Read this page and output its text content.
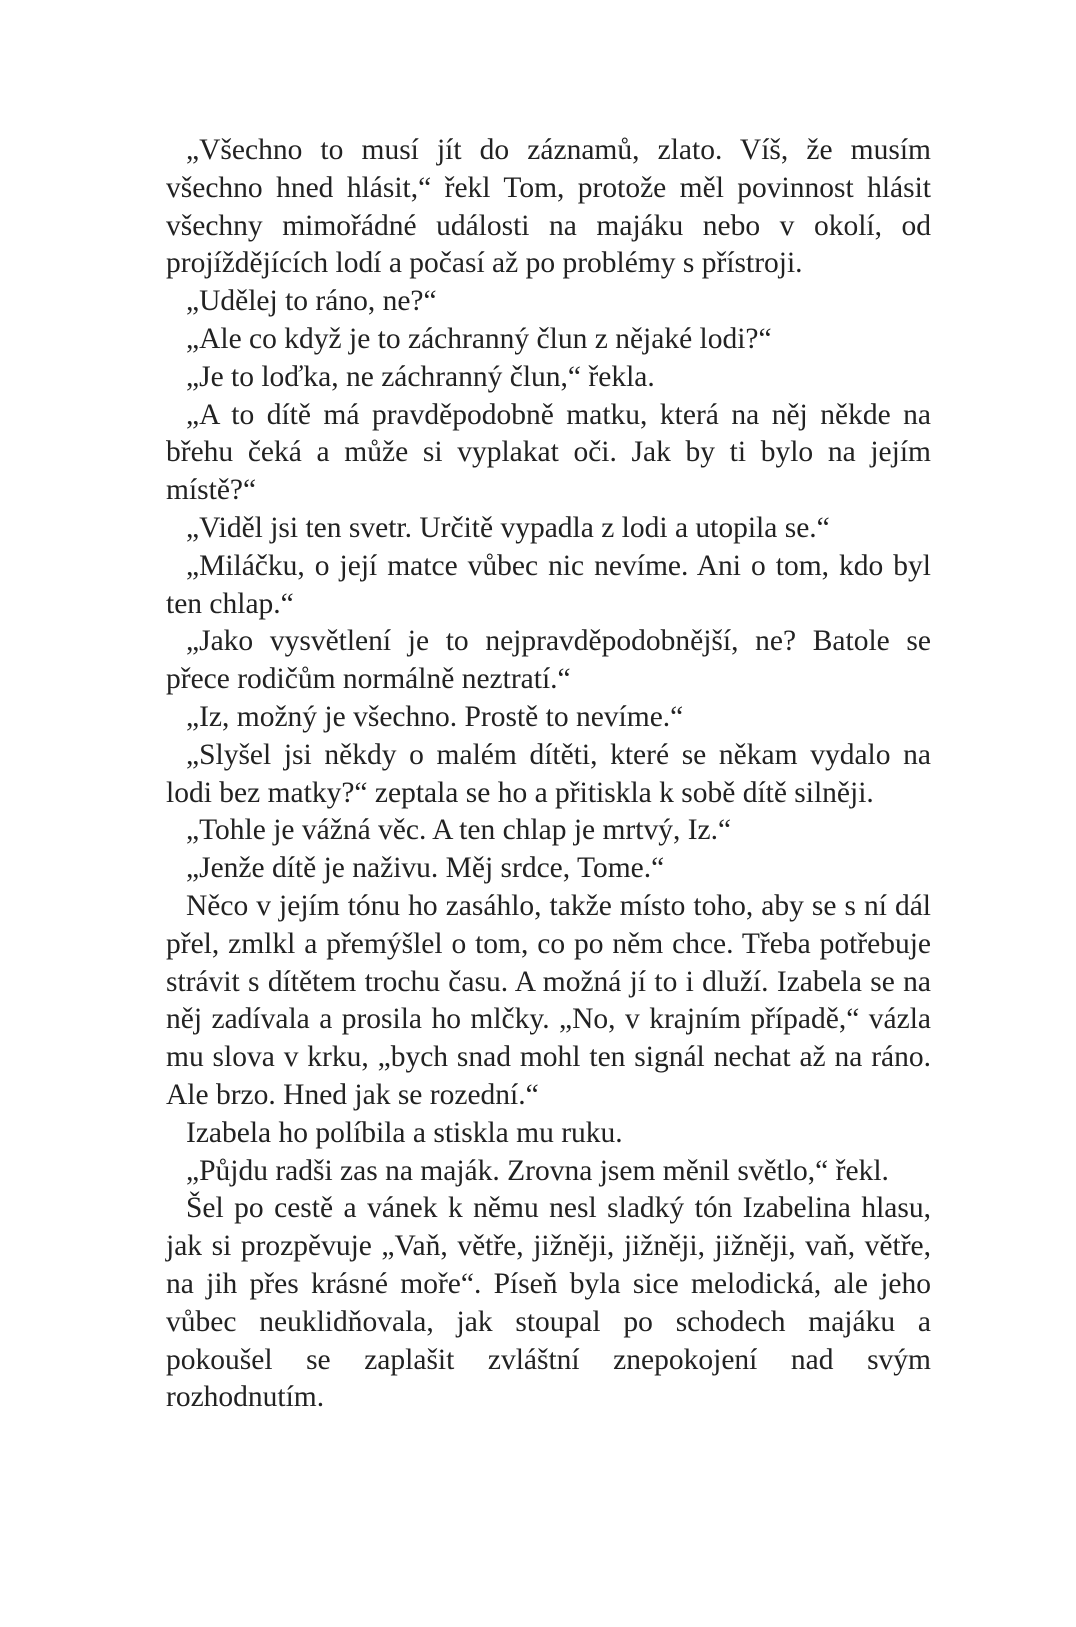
„Všechno to musí jít do záznamů, zlato. Víš, že musím všechno hned hlásit,“ řekl Tom, protože měl povinnost hlásit všechny mimořádné události na majáku nebo v okolí, od projíždějících lodí a počasí až po problémy s přístroji.

„Udělej to ráno, ne?“

„Ale co když je to záchranný člun z nějaké lodi?“

„Je to loďka, ne záchranný člun,“ řekla.

„A to dítě má pravděpodobně matku, která na něj někde na břehu čeká a může si vyplakat oči. Jak by ti bylo na jejím místě?“

„Viděl jsi ten svetr. Určitě vypadla z lodi a utopila se.“

„Miláčku, o její matce vůbec nic nevíme. Ani o tom, kdo byl ten chlap.“

„Jako vysvětlení je to nejpravděpodobnější, ne? Batole se přece rodičům normálně neztratí.“

„Iz, možný je všechno. Prostě to nevíme.“

„Slyšel jsi někdy o malém dítěti, které se někam vydalo na lodi bez matky?“ zeptala se ho a přitiskla k sobě dítě silněji.

„Tohle je vážná věc. A ten chlap je mrtvý, Iz.“

„Jenže dítě je naživu. Měj srdce, Tome.“

Něco v jejím tónu ho zasáhlo, takže místo toho, aby se s ní dál přel, zmlkl a přemýšlel o tom, co po něm chce. Třeba potřebuje strávit s dítětem trochu času. A možná jí to i dluží. Izabela se na něj zadívala a prosila ho mlčky. „No, v krajním případě,“ vázla mu slova v krku, „bych snad mohl ten signál nechat až na ráno. Ale brzo. Hned jak se rozední.“

Izabela ho políbila a stiskla mu ruku.

„Půjdu radši zas na maják. Zrovna jsem měnil světlo,“ řekl.

Šel po cestě a vánek k němu nesl sladký tón Izabelina hlasu, jak si prozpěvuje „Vaň, větře, jižněji, jižněji, jižněji, vaň, větře, na jih přes krásné moře“. Píseň byla sice melodická, ale jeho vůbec neuklidňovala, jak stoupal po schodech majáku a pokoušel se zaplašit zvláštní znepokojení nad svým rozhodnutím.
